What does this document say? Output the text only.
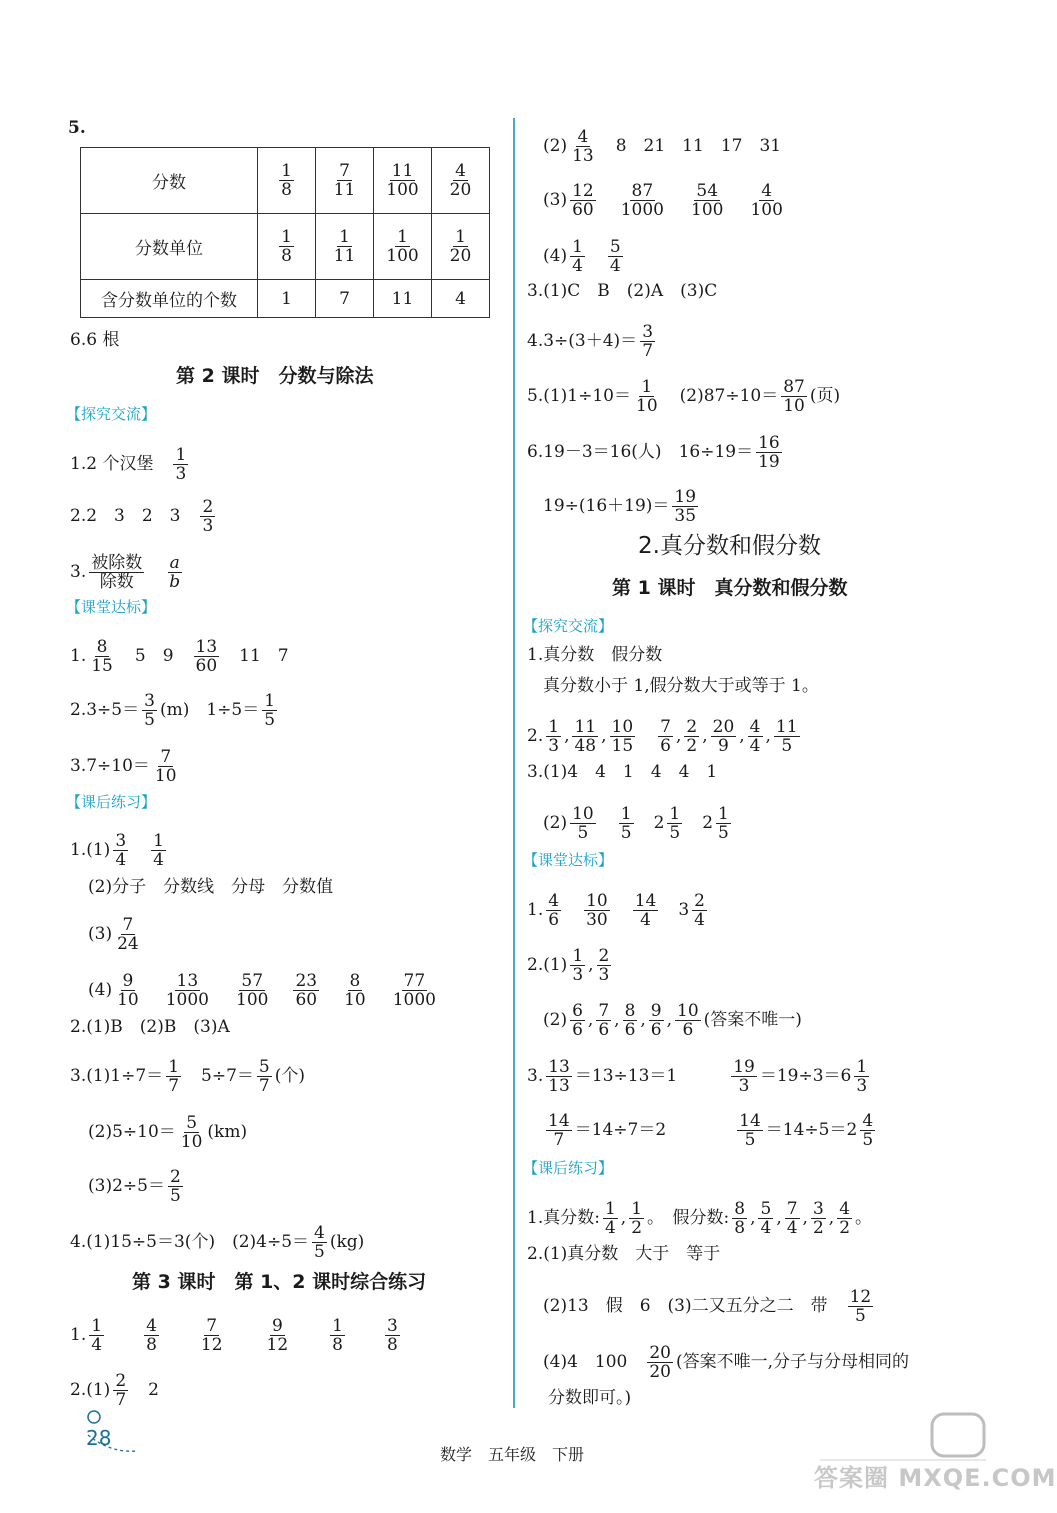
5.
分数	$\frac{1}{8}$	$\frac{7}{11}$	$\frac{11}{100}$	$\frac{4}{20}$

分数单位	$\frac{1}{8}$	$\frac{1}{11}$	$\frac{1}{100}$	$\frac{1}{20}$

含分数单位的个数	1	7	11	4
6.6 根
第 2 课时　分数与除法
【探究交流】
1.2 个汉堡　 $\frac{1}{3}$
2.2　3　2　3　 $\frac{2}{3}$
3. 被除数
除数
　 $\frac{a}{b}$
【课堂达标】
1. $\frac{8}{15}$
　 5　9　 $\frac{13}{60}$
　 11　7
$2.3\div 5= \frac{3}{5} (m)$　$1\div 5= \frac{1}{5}$
$3.7\div 10= \frac{7}{10}$
【课后练习】
$1.(1) \frac{3}{4}$
　 $\frac{1}{4}$
(2)分子　分数线　分母　分数值
$(3) \frac{7}{24}$
$(4) \frac{9}{10}$
　 $\frac{13}{1000}$
　 $\frac{57}{100}$
　 $\frac{23}{60}$
　 $\frac{8}{10}$
　 $\frac{77}{1000}$
2.(1)B　(2)B　(3)A
$3.(1)1\div 7= \frac{1}{7}$
　 $5\div 7= \frac{5}{7}$ (个)
$(2)5\div 10= \frac{5}{10} (km)$
$(3)2\div 5= \frac{2}{5}$
4.(1)15÷5＝3(个)　$(2)4\div 5= \frac{4}{5} (kg)$
第 3 课时　第 1、2 课时综合练习
1. $\frac{1}{4}$
　　 $\frac{4}{8}$
　　 $\frac{7}{12}$
　　 $\frac{9}{12}$
　　 $\frac{1}{8}$
　　 $\frac{3}{8}$
$2.(1) \frac{2}{7}$
　 2
28
$(2) \frac{4}{13}$
　 8　21　11　17　31
$(3) \frac{12}{60}$
　 $\frac{87}{1000}$
　 $\frac{54}{100}$
　 $\frac{4}{100}$
$(4) \frac{1}{4}$
　 $\frac{5}{4}$
3.(1)C　B　(2)A　(3)C
$4.3\div(3+4)= \frac{3}{7}$
$5.(1)1\div 10= \frac{1}{10}$
　 $(2)87\div 10= \frac{87}{10}$ (页)
6.19－3＝16(人)　$16\div 19= \frac{16}{19}$
$19\div(16+19)= \frac{19}{35}$
2.真分数和假分数
第 1 课时　真分数和假分数
【探究交流】
1.真分数　假分数
真分数小于 1,假分数大于或等于 1。
2. $\frac{1}{3}$ , $\frac{11}{48}$ , $\frac{10}{15}$
　 $\frac{7}{6}$ , $\frac{2}{2}$ , $\frac{20}{9}$ , $\frac{4}{4}$ , $\frac{11}{5}$
3.(1)4　4　1　4　4　1
$(2) \frac{10}{5}$
　 $\frac{1}{5}$
　 $2 \frac{1}{5}$
　 $2 \frac{1}{5}$
【课堂达标】
1. $\frac{4}{6}$
　 $\frac{10}{30}$
　 $\frac{14}{4}$
　 $3 \frac{2}{4}$
$2.(1) \frac{1}{3}$ , $\frac{2}{3}$
$(2) \frac{6}{6}$ , $\frac{7}{6}$ , $\frac{8}{6}$ , $\frac{9}{6}$ , $\frac{10}{6}$ (答案不唯一)
3. $\frac{13}{13} =13\div 13=1$　　　	$\frac{19}{3} =19\div 3=6 \frac{1}{3}$
$\frac{14}{7} =14\div 7=2$　　　　	$\frac{14}{5} =14\div 5=2 \frac{4}{5}$
【课后练习】
1.真分数: $\frac{1}{4}$ , $\frac{1}{2}$ 。　假分数: $\frac{8}{8}$ , $\frac{5}{4}$ , $\frac{7}{4}$ , $\frac{3}{2}$ , $\frac{4}{2}$ 。
2.(1)真分数　大于　等于
(2)13　假　6　(3)二又五分之二　带　 $\frac{12}{5}$
(4)4　100　 $\frac{20}{20}$ (答案不唯一,分子与分母相同的
分数即可。)
数学　五年级　下册
答案圈 MXQE.COM
